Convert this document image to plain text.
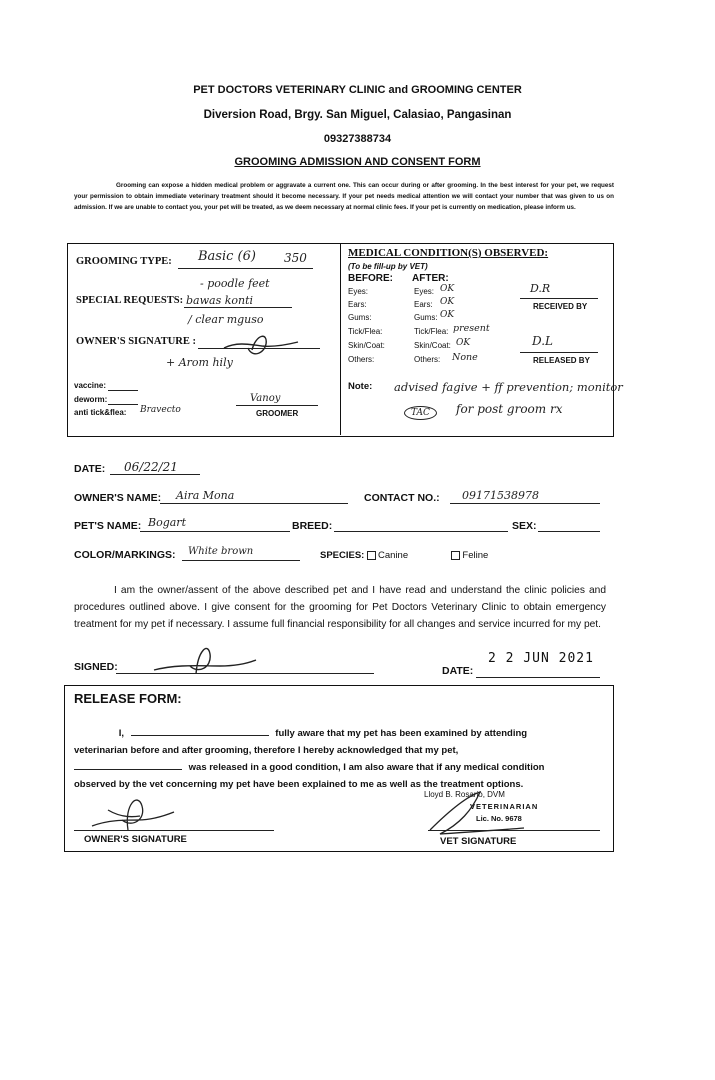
PET DOCTORS VETERINARY CLINIC and GROOMING CENTER
Diversion Road, Brgy. San Miguel, Calasiao, Pangasinan
09327388734
GROOMING ADMISSION AND CONSENT FORM
Grooming can expose a hidden medical problem or aggravate a current one. This can occur during or after grooming. In the best interest for your pet, we request your permission to obtain immediate veterinary treatment should it become necessary. If your pet needs medical attention we will contact your number that was given to us on admission. If we are unable to contact you, your pet will be treated, as we deem necessary at normal clinic fees. If your pet is currently on medication, please inform us.
GROOMING TYPE: Basic (6) 350
- poodle feet
SPECIAL REQUESTS: bawas konti
/ clear mguso
OWNER'S SIGNATURE :
+ Arom hily
vaccine:
deworm:
anti tick&flea: Bravecto
Vanoy
GROOMER
MEDICAL CONDITION(S) OBSERVED:
(To be fill-up by VET)
BEFORE: AFTER:
Eyes:	Eyes: OK
Ears:	Ears: OK
Gums:	Gums: OK
Tick/Flea:	Tick/Flea: present
Skin/Coat:	Skin/Coat: OK
Others:	Others: None
D.R
RECEIVED BY
D.L
RELEASED BY
Note: advised fagive + ff prevention; monitor
TAC	for post groom rx
DATE: 06/22/21
OWNER'S NAME: Aira Mona	CONTACT NO.: 09171538978
PET'S NAME: Bogart	BREED:	SEX:
COLOR/MARKINGS: White brown	SPECIES: Canine	Feline
I am the owner/assent of the above described pet and I have read and understand the clinic policies and procedures outlined above. I give consent for the grooming for Pet Doctors Veterinary Clinic to obtain emergency treatment for my pet if necessary. I assume full financial responsibility for all changes and service incurred for my pet.
SIGNED:	DATE:
2 2 JUN 2021
RELEASE FORM:
I,	fully aware that my pet has been examined by attending
veterinarian before and after grooming, therefore I hereby acknowledged that my pet,
was released in a good condition, I am also aware that if any medical condition
observed by the vet concerning my pet have been explained to me as well as the treatment options.
Lloyd B. Rosario, DVM
VETERINARIAN
Lic. No. 9678
OWNER'S SIGNATURE	VET SIGNATURE
